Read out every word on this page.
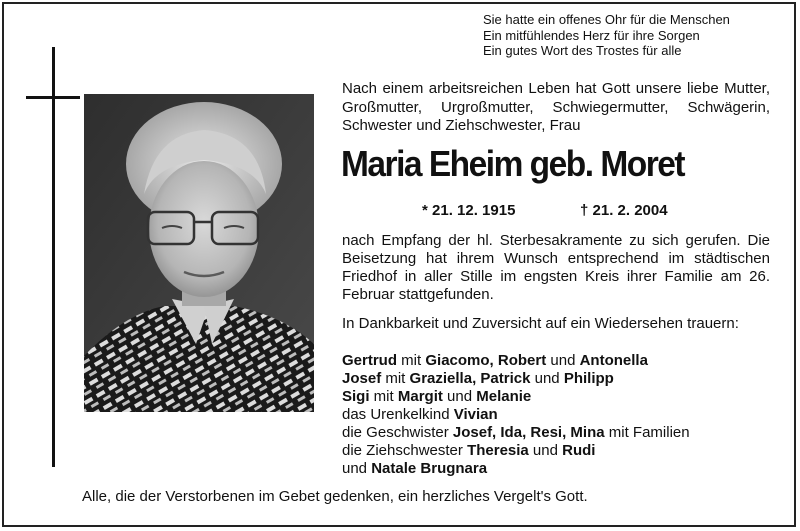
Sie hatte ein offenes Ohr für die Menschen
Ein mitfühlendes Herz für ihre Sorgen
Ein gutes Wort des Trostes für alle

Nach einem arbeitsreichen Leben hat Gott unsere liebe Mutter, Großmutter, Urgroßmutter, Schwiegermutter, Schwägerin, Schwester und Ziehschwester, Frau

Maria Eheim geb. Moret
* 21. 12. 1915	† 21. 2. 2004

nach Empfang der hl. Sterbesakramente zu sich gerufen. Die Beisetzung hat ihrem Wunsch entsprechend im städtischen Friedhof in aller Stille im engsten Kreis ihrer Familie am 26. Februar stattgefunden.

In Dankbarkeit und Zuversicht auf ein Wiedersehen trauern:

Gertrud mit Giacomo, Robert und Antonella
Josef mit Graziella, Patrick und Philipp
Sigi mit Margit und Melanie
das Urenkelkind Vivian
die Geschwister Josef, Ida, Resi, Mina mit Familien
die Ziehschwester Theresia und Rudi
und Natale Brugnara
Alle, die der Verstorbenen im Gebet gedenken, ein herzliches Vergelt's Gott.
